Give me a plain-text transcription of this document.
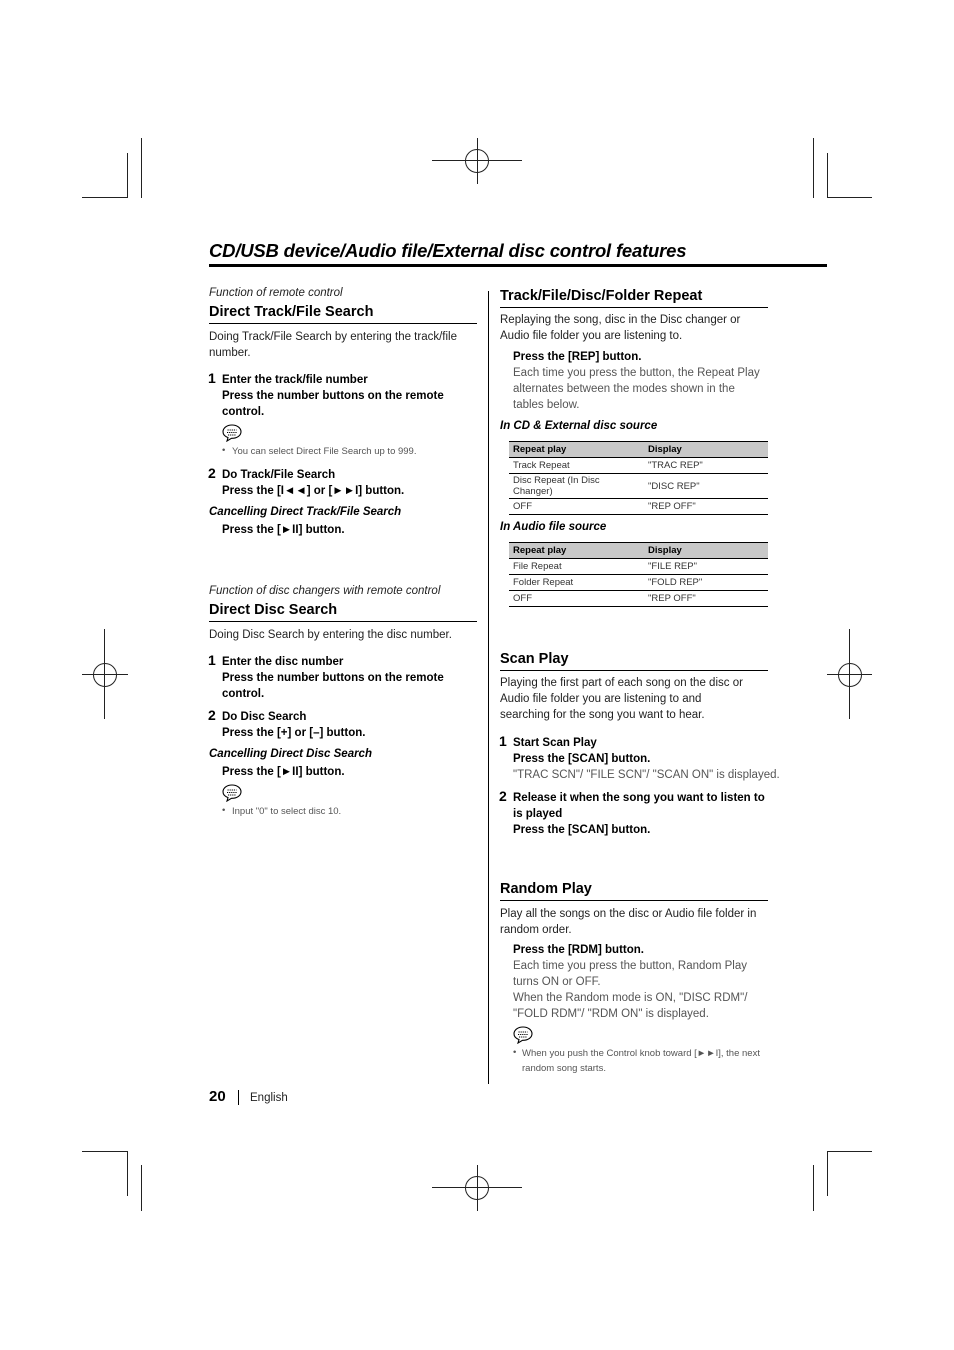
CD/USB device/Audio file/External disc control features
Function of remote control
Direct Track/File Search
Doing Track/File Search by entering the track/file number.
1 Enter the track/file number
Press the number buttons on the remote control.
• You can select Direct File Search up to 999.
2 Do Track/File Search
Press the [I◄◄] or [►►I] button.
Cancelling Direct Track/File Search
Press the [►II] button.
Function of disc changers with remote control
Direct Disc Search
Doing Disc Search by entering the disc number.
1 Enter the disc number
Press the number buttons on the remote control.
2 Do Disc Search
Press the [+] or [–] button.
Cancelling Direct Disc Search
Press the [►II] button.
• Input "0" to select disc 10.
Track/File/Disc/Folder Repeat
Replaying the song, disc in the Disc changer or Audio file folder you are listening to.
Press the [REP] button.
Each time you press the button, the Repeat Play alternates between the modes shown in the tables below.
In CD & External disc source
Repeat play	Display
Track Repeat	"TRAC REP"
Disc Repeat (In Disc Changer)	"DISC REP"
OFF	"REP OFF"
In Audio file source
Repeat play	Display
File Repeat	"FILE REP"
Folder Repeat	"FOLD REP"
OFF	"REP OFF"
Scan Play
Playing the first part of each song on the disc or Audio file folder you are listening to and searching for the song you want to hear.
1 Start Scan Play
Press the [SCAN] button.
"TRAC SCN"/ "FILE SCN"/ "SCAN ON" is displayed.
2 Release it when the song you want to listen to is played
Press the [SCAN] button.
Random Play
Play all the songs on the disc or Audio file folder in random order.
Press the [RDM] button.
Each time you press the button, Random Play turns ON or OFF.
When the Random mode is ON, "DISC RDM"/ "FOLD RDM"/ "RDM ON" is displayed.
• When you push the Control knob toward [►►I], the next random song starts.
20 English
